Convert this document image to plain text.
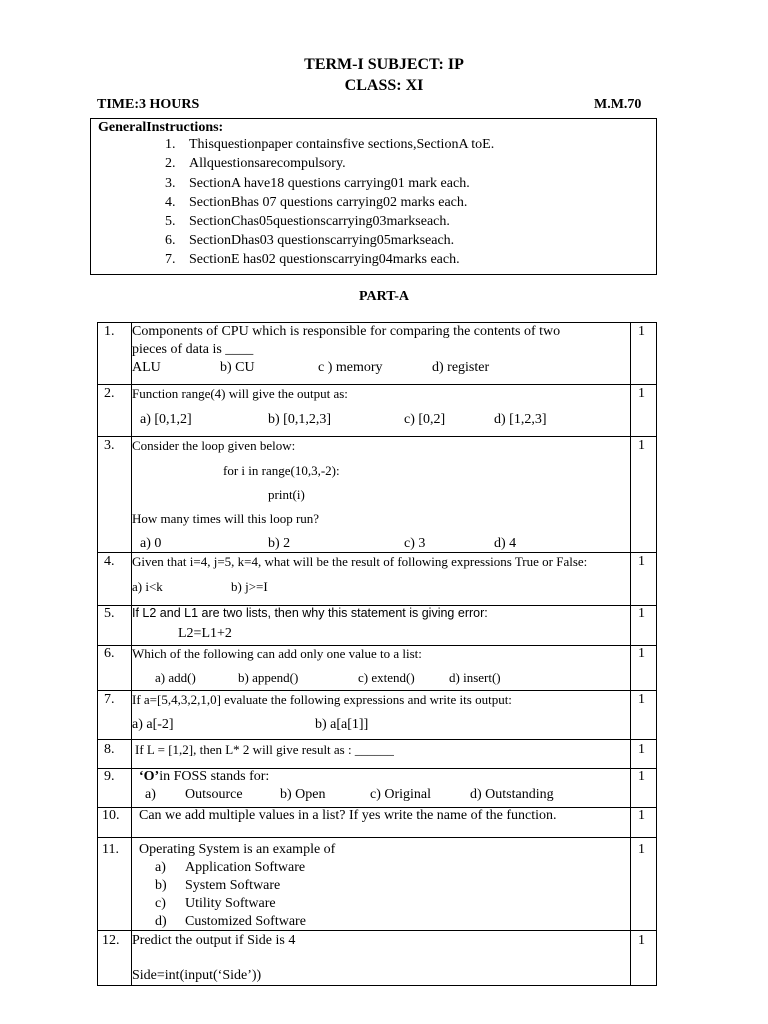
TERM-I SUBJECT: IP
CLASS: XI
TIME:3 HOURS	M.M.70
GeneralInstructions:
1. Thisquestionpaper containsfive sections,SectionA toE.
2. Allquestionsarecompulsory.
3. SectionA have18 questions carrying01 mark each.
4. SectionBhas 07 questions carrying02 marks each.
5. SectionChas05questionscarrying03markseach.
6. SectionDhas03 questionscarrying05markseach.
7. SectionE has02 questionscarrying04marks each.
PART-A
1. Components of CPU which is responsible for comparing the contents of two
pieces of data is ____
ALU	b) CU	c ) memory	d) register
1
2. Function range(4) will give the output as:
a) [0,1,2]	b) [0,1,2,3]	c) [0,2]	d) [1,2,3]
1
3. Consider the loop given below:
for i in range(10,3,-2):
print(i)
How many times will this loop run?
a) 0	b) 2	c) 3	d) 4
1
4. Given that i=4, j=5, k=4, what will be the result of following expressions True or False:
a) i<k	b) j>=I
1
5. If L2 and L1 are two lists, then why this statement is giving error:
L2=L1+2
1
6. Which of the following can add only one value to a list:
a) add()	b) append()	c) extend()	d) insert()
1
7. If a=[5,4,3,2,1,0] evaluate the following expressions and write its output:
a) a[-2]	b) a[a[1]]
1
8. If L = [1,2], then L* 2 will give result as : ______	1
9. ‘O’in FOSS stands for:
a) Outsource	b) Open	c) Original	d) Outstanding
1
10. Can we add multiple values in a list? If yes write the name of the function.	1
11. Operating System is an example of
a) Application Software
b) System Software
c) Utility Software
d) Customized Software
1
12. Predict the output if Side is 4
Side=int(input(‘Side’))
1
